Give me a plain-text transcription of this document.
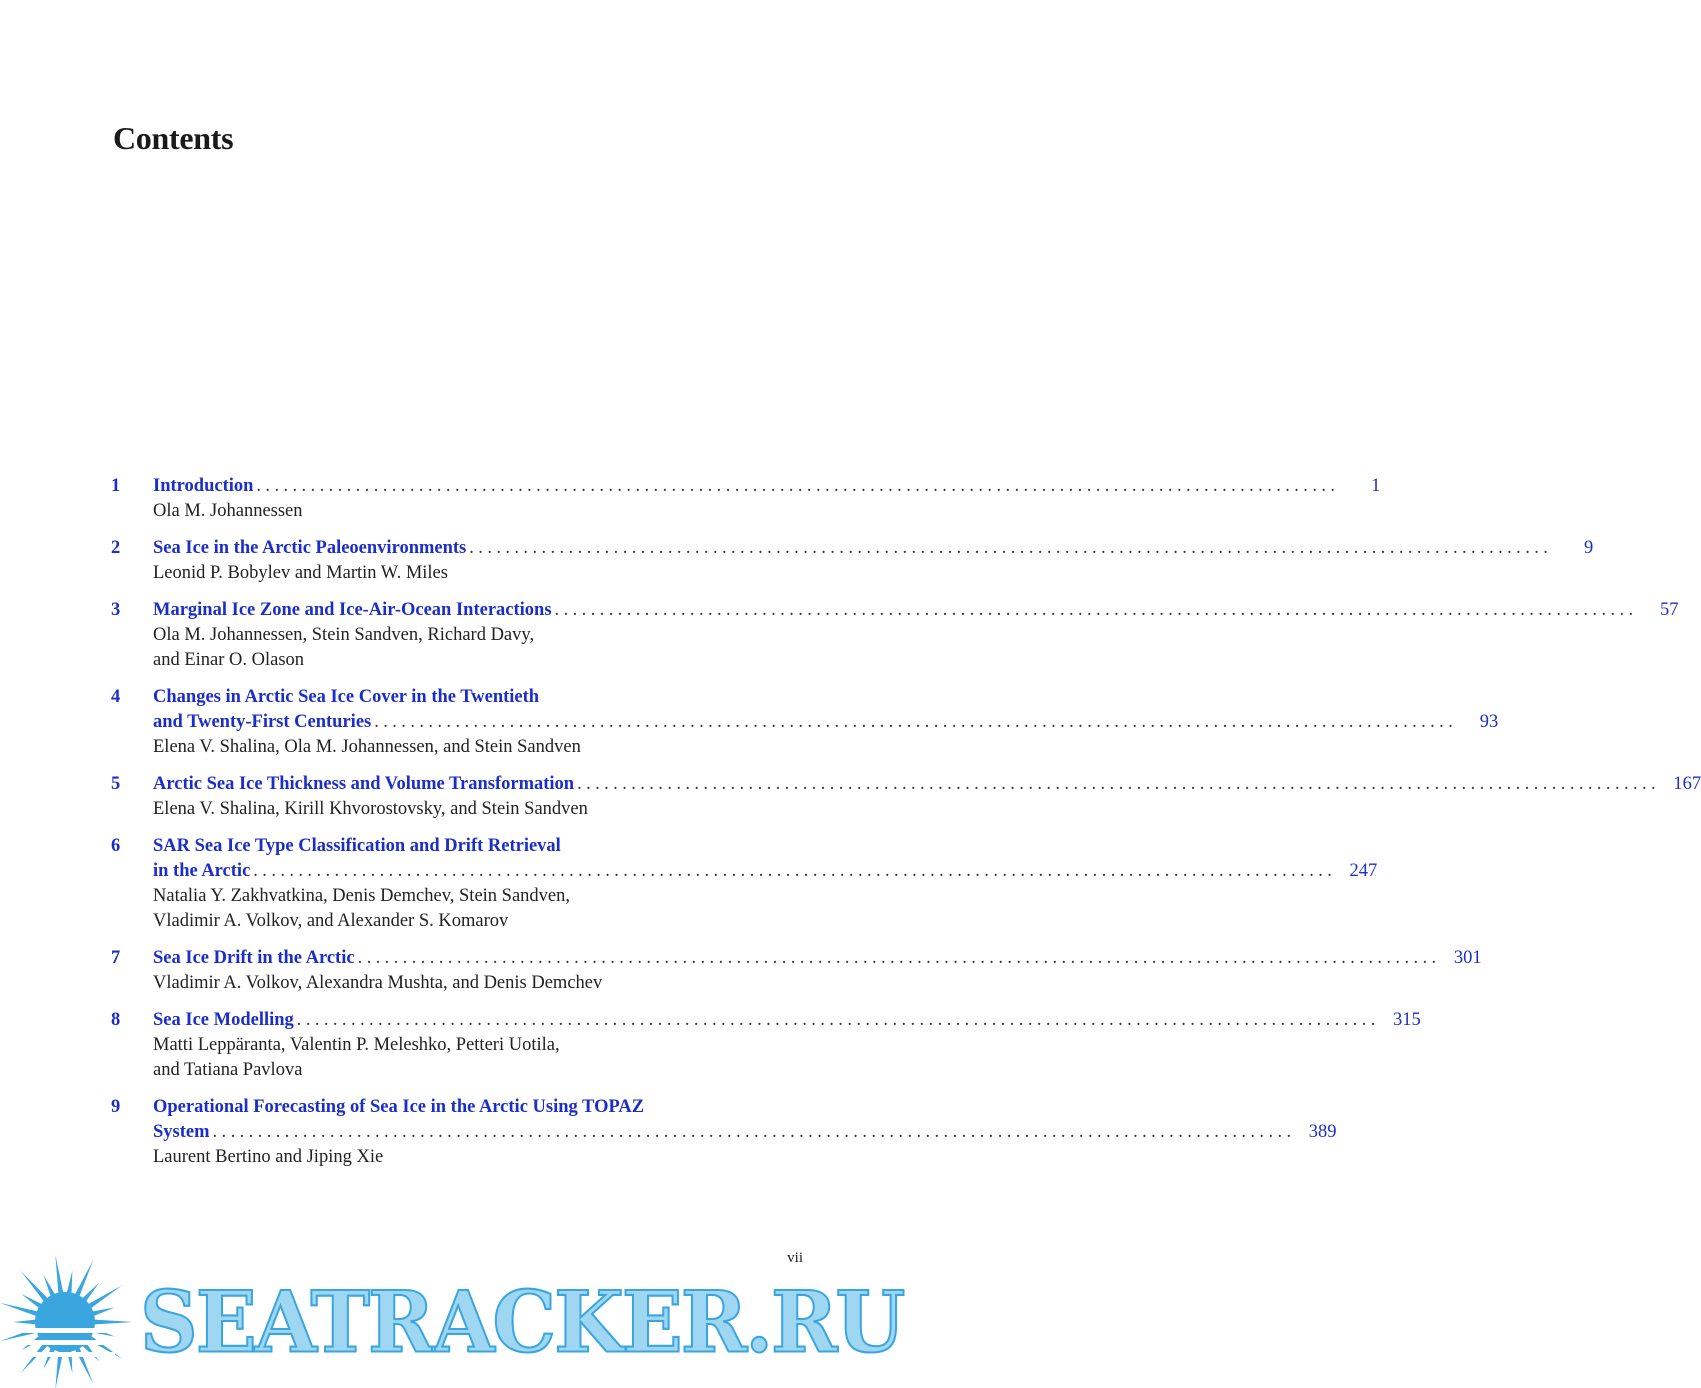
Contents
1	Introduction ........................................................................................................................	1
Ola M. Johannessen
2	Sea Ice in the Arctic Paleoenvironments ........................................................................................................................	9
Leonid P. Bobylev and Martin W. Miles
3	Marginal Ice Zone and Ice-Air-Ocean Interactions ........................................................................................................................	57
Ola M. Johannessen, Stein Sandven, Richard Davy,
and Einar O. Olason
4	Changes in Arctic Sea Ice Cover in the Twentieth
and Twenty-First Centuries ........................................................................................................................	93
Elena V. Shalina, Ola M. Johannessen, and Stein Sandven
5	Arctic Sea Ice Thickness and Volume Transformation ........................................................................................................................ 167
Elena V. Shalina, Kirill Khvorostovsky, and Stein Sandven
6	SAR Sea Ice Type Classification and Drift Retrieval
in the Arctic ........................................................................................................................ 247
Natalia Y. Zakhvatkina, Denis Demchev, Stein Sandven,
Vladimir A. Volkov, and Alexander S. Komarov
7	Sea Ice Drift in the Arctic ........................................................................................................................ 301
Vladimir A. Volkov, Alexandra Mushta, and Denis Demchev
8	Sea Ice Modelling ........................................................................................................................ 315
Matti Leppäranta, Valentin P. Meleshko, Petteri Uotila,
and Tatiana Pavlova
9	Operational Forecasting of Sea Ice in the Arctic Using TOPAZ
System ........................................................................................................................ 389
Laurent Bertino and Jiping Xie
vii
SEATRACKER.RU
